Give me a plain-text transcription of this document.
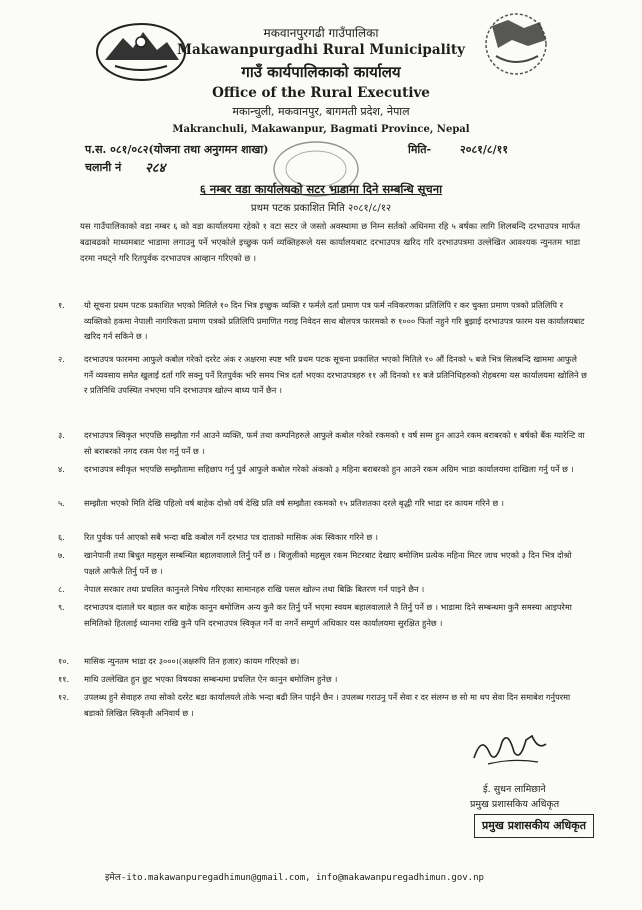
मकवानपुरगढी गाउँपालिका
Makawanpurgadhi Rural Municipality
गाउँ कार्यपालिकाको कार्यालय
Office of the Rural Executive
मकान्चुली, मकवानपुर, बागमती प्रदेश, नेपाल
Makranchuli, Makawanpur, Bagmati Province, Nepal
प.स. ०८१/०८२(योजना तथा अनुगमन शाखा)	मिति-	२०८१/८/११
चलानी नं २८४
६ नम्बर वडा कार्यालयको सटर भाडामा दिने सम्बन्धि सूचना
प्रथम पटक प्रकाशित मिति २०८१/८/१२
यस गाउँपालिकाको वडा नम्बर ६ को वडा कार्यालयमा रहेको १ वटा सटर जे जस्तो अवस्थामा छ निम्न सर्तको अधिनमा रहि ५ बर्षका लागि शिलबन्दि दरभाउपत्र मार्फत बढाबढको माध्यमबाट भाडामा लगाउनु पर्ने भएकोले इच्छुक फर्म व्यक्तिहरूले यस कार्यालयबाट दरभाउपत्र खरिद गरि दरभाउपत्रमा उल्लेखित आवश्यक न्युनतम भाडा दरमा नघट्ने गरि रितपुर्वक दरभाउपत्र आव्हान गरिएको छ ।
१.	यो सूचना प्रथम पटक प्रकाशित भएको मितिले १० दिन भित्र इच्छुक व्यक्ति र फर्मले दर्ता प्रमाण पत्र फर्म नविकरणका प्रतिलिपि र कर चुक्ता प्रमाण पत्रको प्रतिलिपि र व्यक्तिको हकमा नेपाली नागरिकता प्रमाण पत्रको प्रतिलिपि प्रमाणित गराइ निवेदन साथ बोलपत्र फारमको रु १००० फिर्ता नहुने गरि बुझाई दरभाउपत्र फारम यस कार्यालयबाट खरिद गर्न सकिने छ ।
२.	दरभाउपत्र फारममा आफुले कबोल गरेको दररेट अंक र अक्षरमा स्पष्ट भरि प्रथम पटक सूचना प्रकाशित भएको मितिले १० औं दिनको ५ बजे भित्र सिलबन्दि खाममा आफुले गर्ने व्यवसाय समेत खुलाई दर्ता गरि सक्नु पर्ने रितपुर्वक भरि समय भित्र दर्ता भएका दरभाउपत्रहरु ११ औं दिनको ११ बजे प्रतिनिधिहरुको रोहबरमा यस कार्यालयमा खोलिने छ र प्रतिनिधि उपस्थित नभएमा पनि दरभाउपत्र खोल्न बाध्य पार्ने छैन ।
३.	दरभाउपत्र स्विकृत भएपछि सम्झौता गर्न आउने व्यक्ति, फर्म तथा कम्पनिहरुले आफुले कबोल गरेको रकमको १ वर्ष सम्म हुन आउने रकम बराबरको १ बर्षको बैंक ग्यारेन्टि वा सो बराबरको नगद रकम पेश गर्नु पर्ने छ ।
४.	दरभाउपत्र स्वीकृत भएपछि सम्झौतामा सहिछाप गर्नु पुर्व आफुले कबोल गरेको अंकको ३ महिना बराबरको हुन आउने रकम अग्रिम भाडा कार्यालयमा दाखिला गर्नु पर्ने छ ।
५.	सम्झौता भएको मिति देखि पहिलो वर्ष बाहेक दोश्रो वर्ष देखि प्रति वर्ष सम्झौता रकमको १५ प्रतिशतका दरले बृद्धी गरि भाडा दर कायम गरिने छ ।
६.	रित पुर्वक पर्न आएको सबै भन्दा बढि कबोल गर्ने दरभाउ पत्र दाताको मासिक अंक स्विकार गरिने छ ।
७.	खानेपानी तथा बिधुत महसुल सम्बन्धित बहालवालाले तिर्नु पर्ने छ । बिजुलीको महसुल रकम मिटरबाट देखाए बमोजिम प्रत्येक महिना मिटर जाच भएको ३ दिन भित्र दोश्रो पक्षले आफैले तिर्नु पर्ने छ ।
८.	नेपाल सरकार तथा प्रचलित कानुनले निषेध गरिएका सामानहरु राखि पसल खोल्न तथा बिक्रि बितरण गर्न पाइने छैन ।
९.	दरभाउपत्र दाताले घर बहाल कर बाहेक कानुन बमोजिम अन्य कुनै कर तिर्नु पर्ने भएमा स्वयम बहालवालाले नै तिर्नु पर्ने छ । भाडामा दिने सम्बन्धमा कुनै समस्या आइपरेमा समितिको हितलाई ध्यानमा राखि कुनै पनि दरभाउपत्र स्विकृत गर्ने वा नगर्ने सम्पुर्ण अधिकार यस कार्यालयमा सुरक्षित हुनेछ ।
१०.	मासिक न्युनतम भाडा दर ३०००।(अक्षरुपि तिन हजार) कायम गरिएको छ।
११.	माथि उल्लेखित हुन छुट भएका विषयका सम्बन्धमा प्रचलित ऐन कानुन बमोजिम हुनेछ ।
१२.	उपलब्ध हुने सेवाहरु तथा सोको दररेट बडा कार्यालयले तोके भन्दा बढी लिन पाईने छैन । उपलब्ध गराउनु पर्ने सेवा र दर संलग्न छ सो मा थप सेवा दिन समाबेश गर्नुपरमा बडाको लिखित स्विकृती अनिवार्य छ ।
ई. सुधन लामिछाने
प्रमुख प्रशासकिय अधिकृत
प्रमुख प्रशासकीय अधिकृत
इमेल-ito.makawanpuregadhimun@gmail.com, info@makawanpuregadhimun.gov.np
